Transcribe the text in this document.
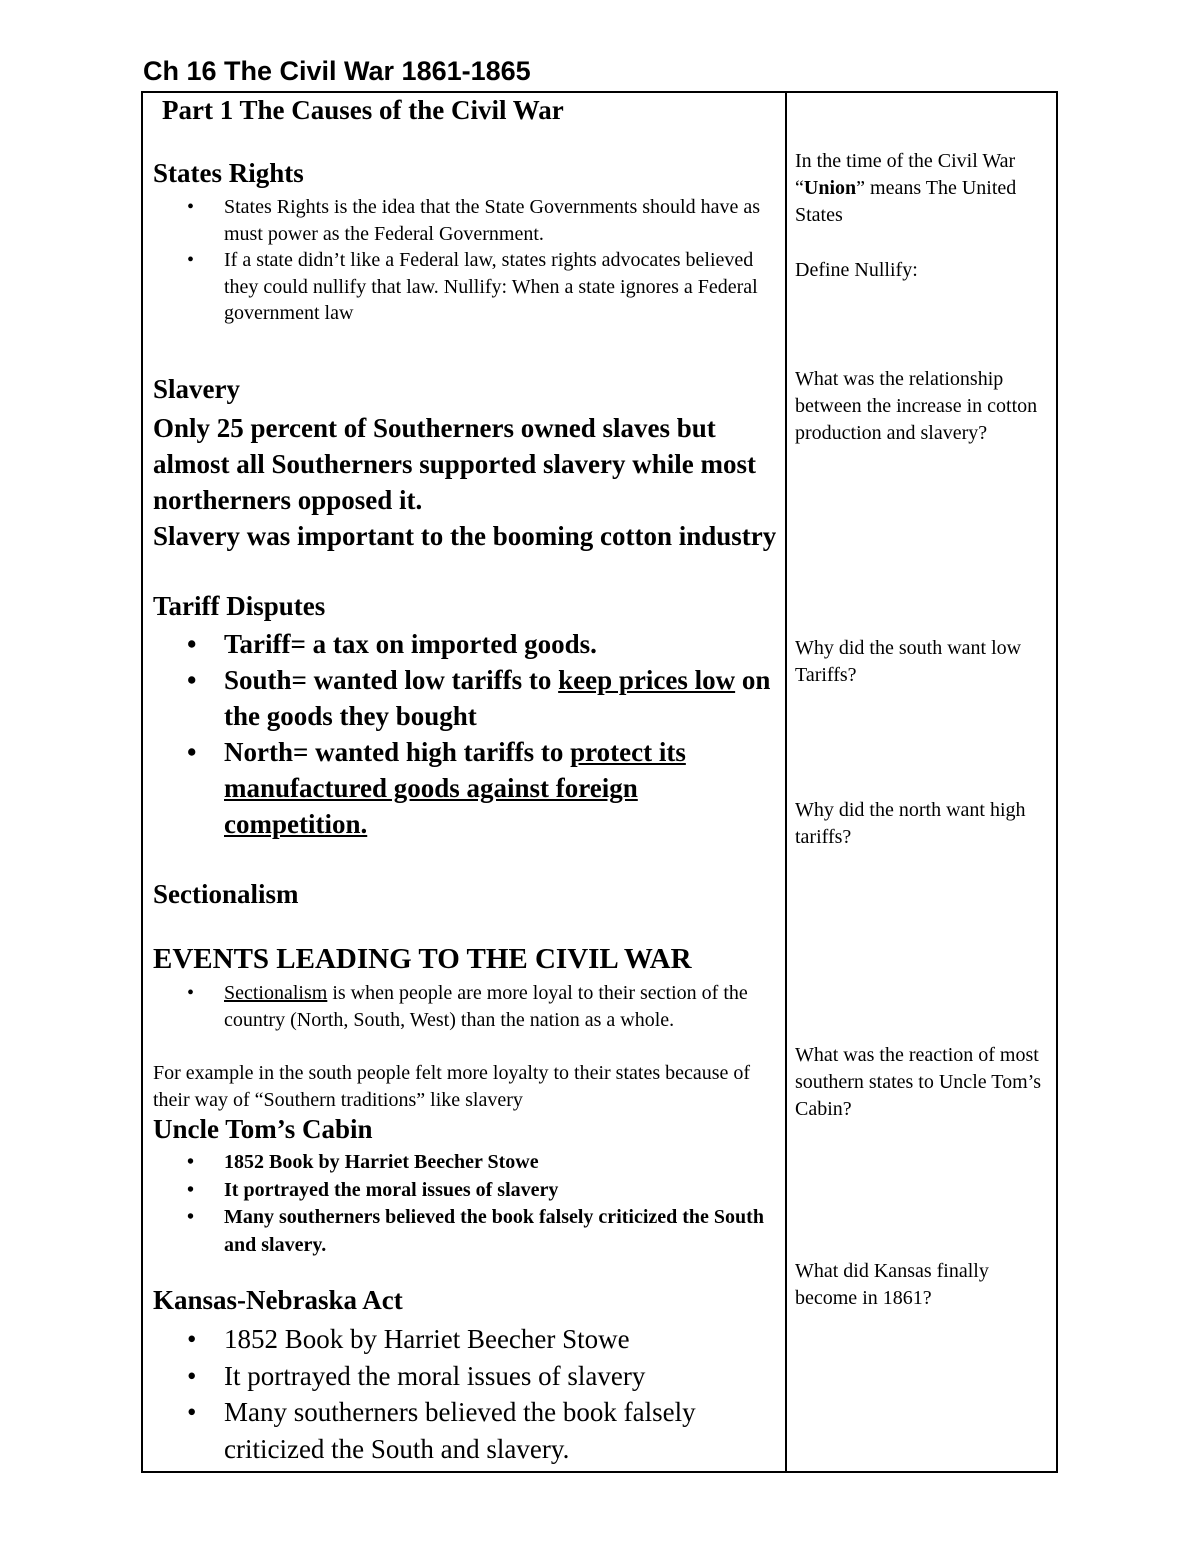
Ch 16 The Civil War 1861-1865
Part 1 The Causes of the Civil War
States Rights
• States Rights is the idea that the State Governments should have as must power as the Federal Government.
• If a state didn’t like a Federal law, states rights advocates believed they could nullify that law. Nullify: When a state ignores a Federal government law
Slavery
Only 25 percent of Southerners owned slaves but almost all Southerners supported slavery while most northerners opposed it.
Slavery was important to the booming cotton industry
Tariff Disputes
• Tariff= a tax on imported goods.
• South= wanted low tariffs to keep prices low on the goods they bought
• North= wanted high tariffs to protect its manufactured goods against foreign competition.
Sectionalism
EVENTS LEADING TO THE CIVIL WAR
• Sectionalism is when people are more loyal to their section of the country (North, South, West) than the nation as a whole.
For example in the south people felt more loyalty to their states because of their way of “Southern traditions” like slavery
Uncle Tom’s Cabin
• 1852 Book by Harriet Beecher Stowe
• It portrayed the moral issues of slavery
• Many southerners believed the book falsely criticized the South and slavery.
Kansas-Nebraska Act
• 1852 Book by Harriet Beecher Stowe
• It portrayed the moral issues of slavery
• Many southerners believed the book falsely criticized the South and slavery.
In the time of the Civil War “Union” means The United States
Define Nullify:
What was the relationship between the increase in cotton production and slavery?
Why did the south want low Tariffs?
Why did the north want high tariffs?
What was the reaction of most southern states to Uncle Tom’s Cabin?
What did Kansas finally become in 1861?
